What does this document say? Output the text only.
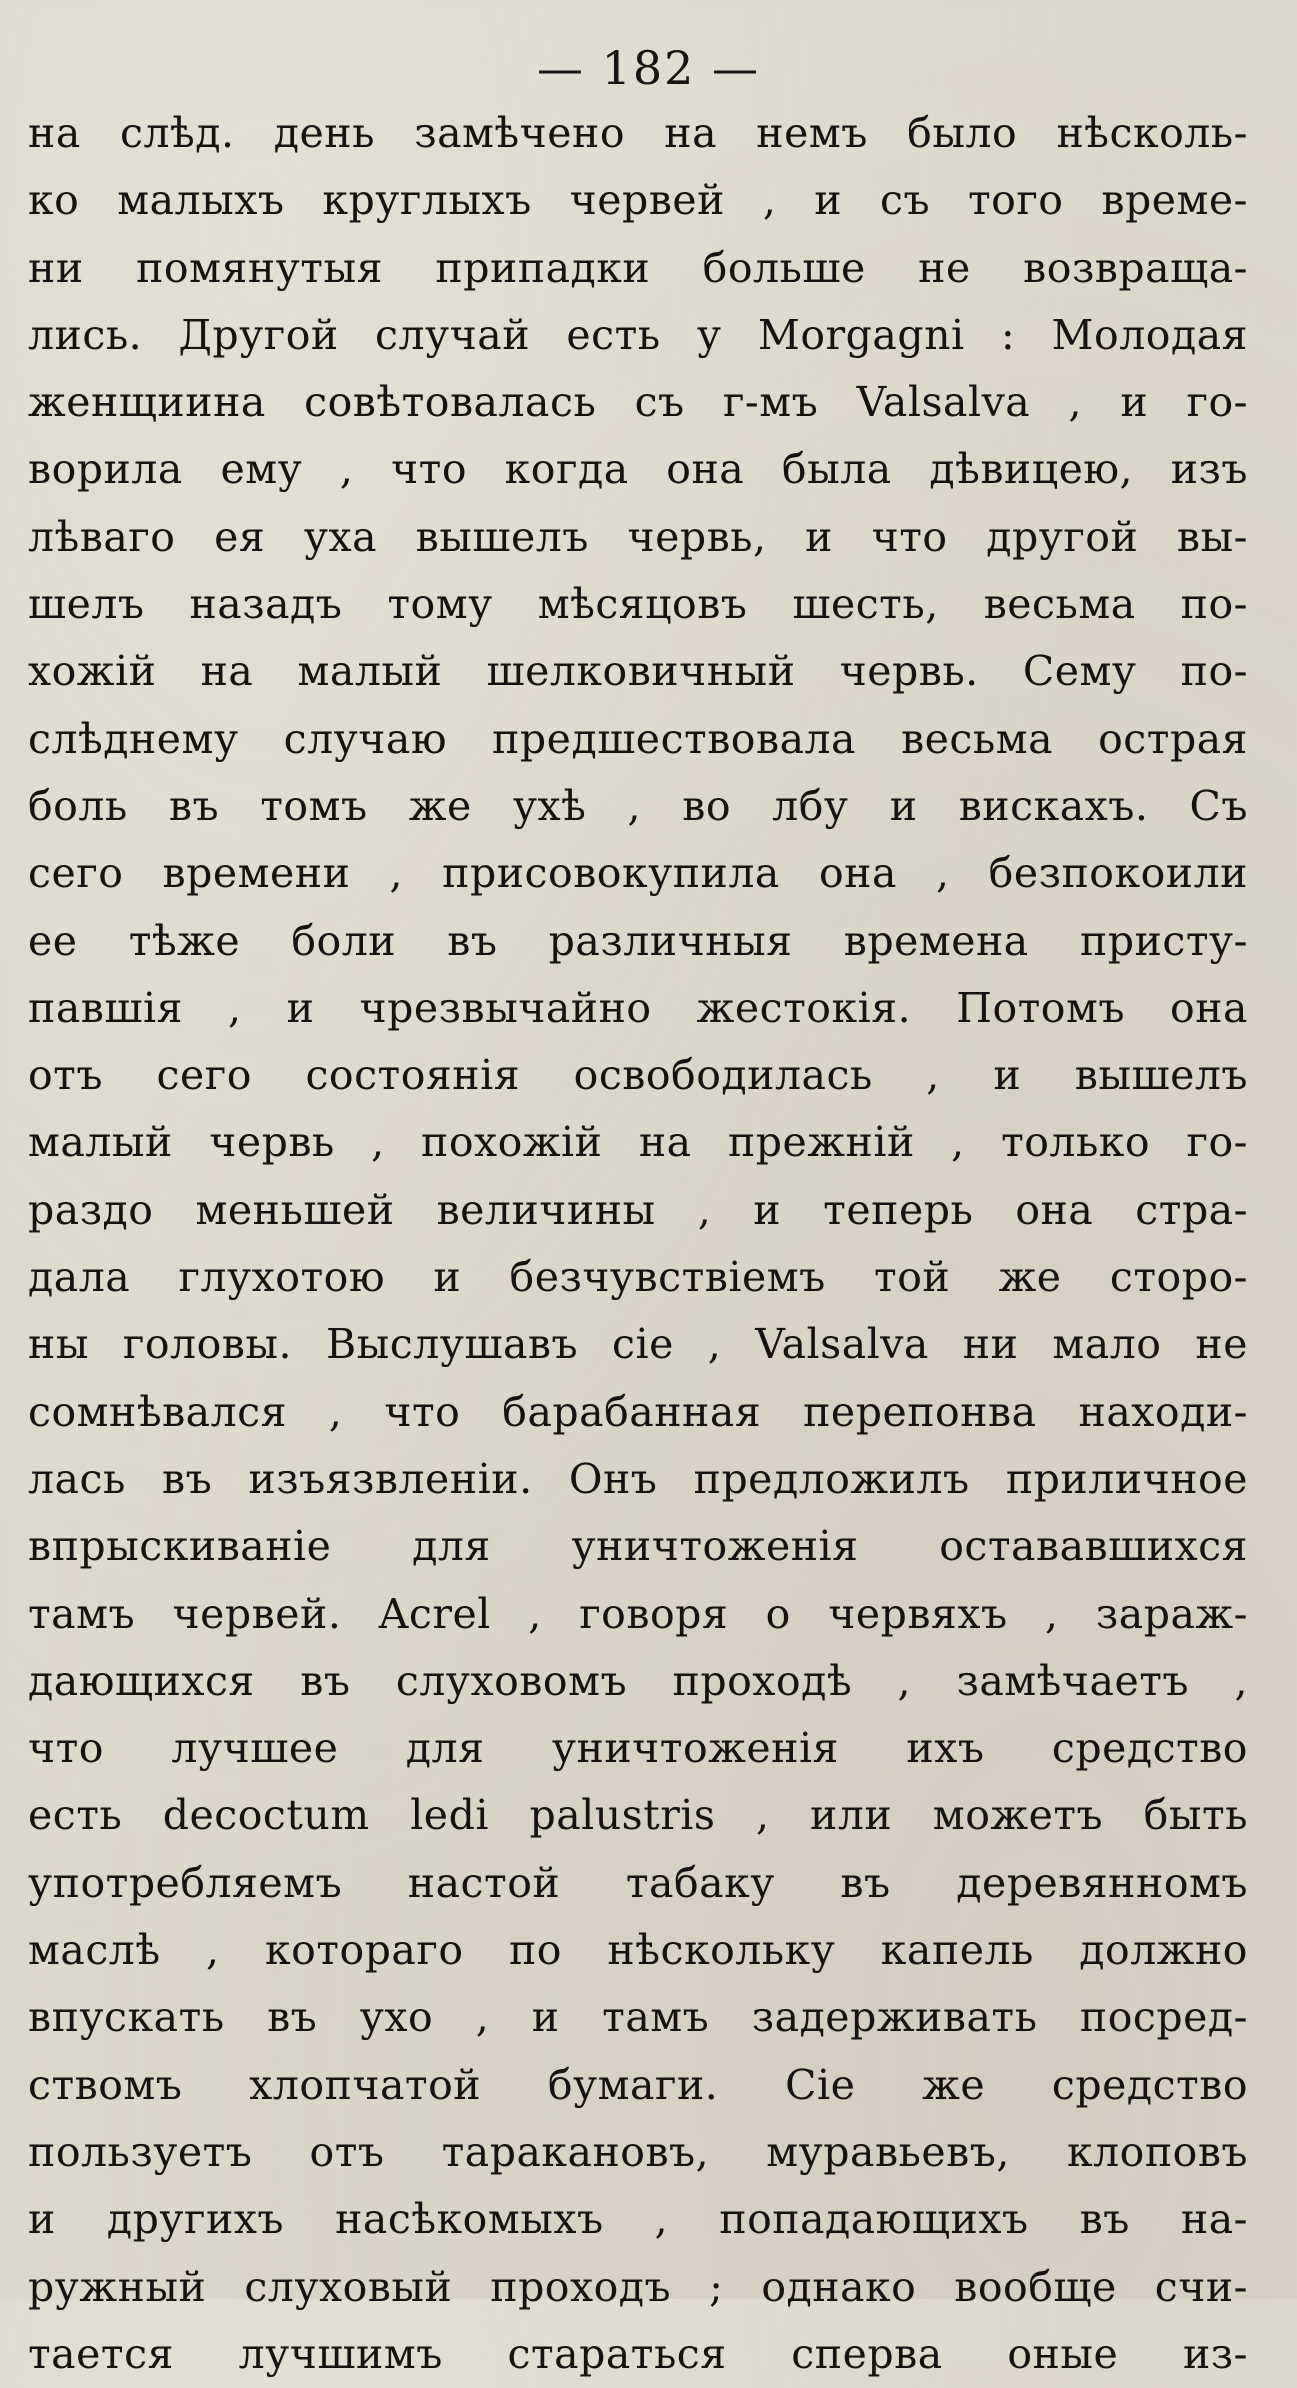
— 182 —
на слѣд. день замѣчено на немъ было нѣсколь-
ко малыхъ круглыхъ червей , и съ того време-
ни помянутыя припадки больше не возвраща-
лись. Другой случай есть у Morgagni : Молодая
женщиина совѣтовалась съ г-мъ Valsalva , и го-
ворила ему , что когда она была дѣвицею, изъ
лѣваго ея уха вышелъ червь, и что другой вы-
шелъ назадъ тому мѣсяцовъ шесть, весьма по-
хожій на малый шелковичный червь. Сему по-
слѣднему случаю предшествовала весьма острая
боль въ томъ же ухѣ , во лбу и вискахъ. Съ
сего времени , присовокупила она , безпокоили
ее тѣже боли въ различныя времена присту-
павшія , и чрезвычайно жестокія. Потомъ она
отъ сего состоянія освободилась , и вышелъ
малый червь , похожій на прежній , только го-
раздо меньшей величины , и теперь она стра-
дала глухотою и безчувствіемъ той же сторо-
ны головы. Выслушавъ сіе , Valsalva ни мало не
сомнѣвался , что барабанная перепонва находи-
лась въ изъязвленіи. Онъ предложилъ приличное
впрыскиваніе для уничтоженія остававшихся
тамъ червей. Acrel , говоря о червяхъ , зараж-
дающихся въ слуховомъ проходѣ , замѣчаетъ ,
что лучшее для уничтоженія ихъ средство
есть decoctum ledi palustris , или можетъ быть
употребляемъ настой табаку въ деревянномъ
маслѣ , котораго по нѣскольку капель должно
впускать въ ухо , и тамъ задерживать посред-
ствомъ хлопчатой бумаги. Сіе же средство
пользуетъ отъ таракановъ, муравьевъ, клоповъ
и другихъ насѣкомыхъ , попадающихъ въ на-
ружный слуховый проходъ ; однако вообще счи-
тается лучшимъ стараться сперва оные из-
